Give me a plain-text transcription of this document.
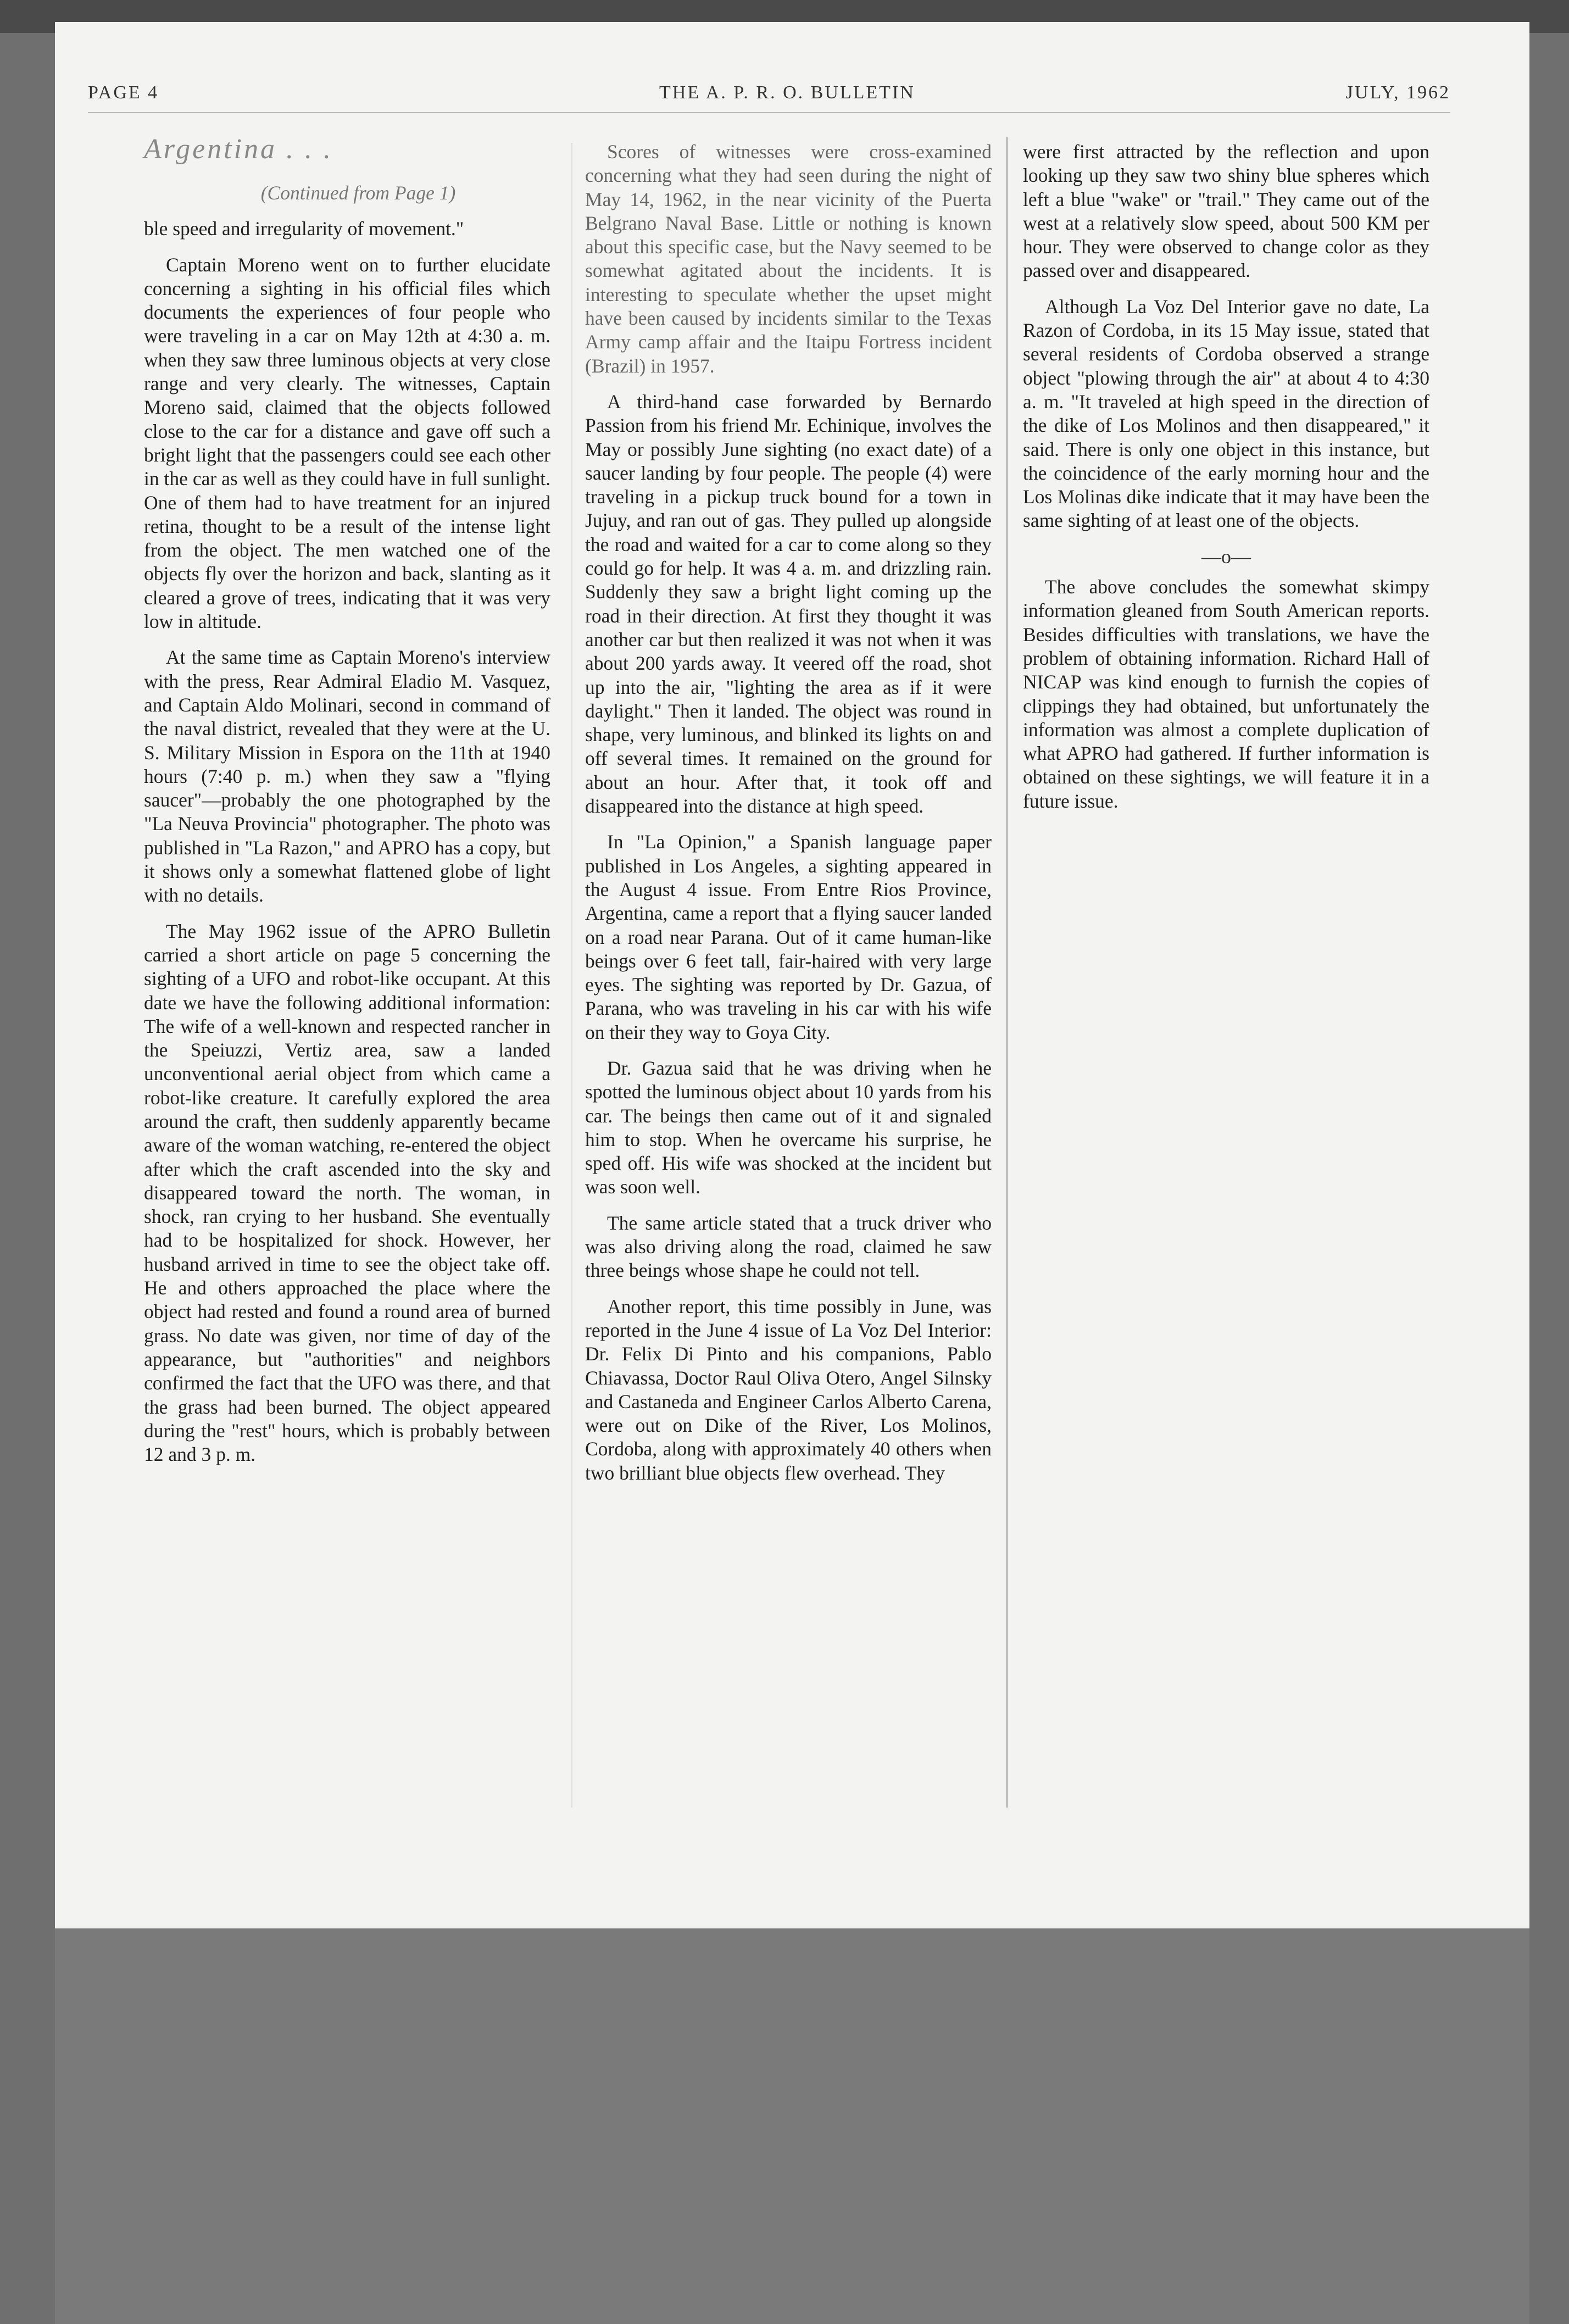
PAGE 4	THE A. P. R. O. BULLETIN	JULY, 1962
Argentina . . .

(Continued from Page 1)

ble speed and irregularity of movement."

Captain Moreno went on to further elucidate concerning a sighting in his official files which documents the experiences of four people who were traveling in a car on May 12th at 4:30 a. m. when they saw three luminous objects at very close range and very clearly. The witnesses, Captain Moreno said, claimed that the objects followed close to the car for a distance and gave off such a bright light that the passengers could see each other in the car as well as they could have in full sunlight. One of them had to have treatment for an injured retina, thought to be a result of the intense light from the object. The men watched one of the objects fly over the horizon and back, slanting as it cleared a grove of trees, indicating that it was very low in altitude.

At the same time as Captain Moreno's interview with the press, Rear Admiral Eladio M. Vasquez, and Captain Aldo Molinari, second in command of the naval district, revealed that they were at the U. S. Military Mission in Espora on the 11th at 1940 hours (7:40 p. m.) when they saw a "flying saucer"—probably the one photographed by the "La Neuva Provincia" photographer. The photo was published in "La Razon," and APRO has a copy, but it shows only a somewhat flattened globe of light with no details.

The May 1962 issue of the APRO Bulletin carried a short article on page 5 concerning the sighting of a UFO and robot-like occupant. At this date we have the following additional information: The wife of a well-known and respected rancher in the Speiuzzi, Vertiz area, saw a landed unconventional aerial object from which came a robot-like creature. It carefully explored the area around the craft, then suddenly apparently became aware of the woman watching, re-entered the object after which the craft ascended into the sky and disappeared toward the north. The woman, in shock, ran crying to her husband. She eventually had to be hospitalized for shock. However, her husband arrived in time to see the object take off. He and others approached the place where the object had rested and found a round area of burned grass. No date was given, nor time of day of the appearance, but "authorities" and neighbors confirmed the fact that the UFO was there, and that the grass had been burned. The object appeared during the "rest" hours, which is probably between 12 and 3 p. m.

Scores of witnesses were cross-examined concerning what they had seen during the night of May 14, 1962, in the near vicinity of the Puerta Belgrano Naval Base. Little or nothing is known about this specific case, but the Navy seemed to be somewhat agitated about the incidents. It is interesting to speculate whether the upset might have been caused by incidents similar to the Texas Army camp affair and the Itaipu Fortress incident (Brazil) in 1957.

A third-hand case forwarded by Bernardo Passion from his friend Mr. Echinique, involves the May or possibly June sighting (no exact date) of a saucer landing by four people. The people (4) were traveling in a pickup truck bound for a town in Jujuy, and ran out of gas. They pulled up alongside the road and waited for a car to come along so they could go for help. It was 4 a. m. and drizzling rain. Suddenly they saw a bright light coming up the road in their direction. At first they thought it was another car but then realized it was not when it was about 200 yards away. It veered off the road, shot up into the air, "lighting the area as if it were daylight." Then it landed. The object was round in shape, very luminous, and blinked its lights on and off several times. It remained on the ground for about an hour. After that, it took off and disappeared into the distance at high speed.

In "La Opinion," a Spanish language paper published in Los Angeles, a sighting appeared in the August 4 issue. From Entre Rios Province, Argentina, came a report that a flying saucer landed on a road near Parana. Out of it came human-like beings over 6 feet tall, fair-haired with very large eyes. The sighting was reported by Dr. Gazua, of Parana, who was traveling in his car with his wife on their they way to Goya City.

Dr. Gazua said that he was driving when he spotted the luminous object about 10 yards from his car. The beings then came out of it and signaled him to stop. When he overcame his surprise, he sped off. His wife was shocked at the incident but was soon well.

The same article stated that a truck driver who was also driving along the road, claimed he saw three beings whose shape he could not tell.

Another report, this time possibly in June, was reported in the June 4 issue of La Voz Del Interior: Dr. Felix Di Pinto and his companions, Pablo Chiavassa, Doctor Raul Oliva Otero, Angel Silnsky and Castaneda and Engineer Carlos Alberto Carena, were out on Dike of the River, Los Molinos, Cordoba, along with approximately 40 others when two brilliant blue objects flew overhead. They

were first attracted by the reflection and upon looking up they saw two shiny blue spheres which left a blue "wake" or "trail." They came out of the west at a relatively slow speed, about 500 KM per hour. They were observed to change color as they passed over and disappeared.

Although La Voz Del Interior gave no date, La Razon of Cordoba, in its 15 May issue, stated that several residents of Cordoba observed a strange object "plowing through the air" at about 4 to 4:30 a. m. "It traveled at high speed in the direction of the dike of Los Molinos and then disappeared," it said. There is only one object in this instance, but the coincidence of the early morning hour and the Los Molinas dike indicate that it may have been the same sighting of at least one of the objects.

—o—

The above concludes the somewhat skimpy information gleaned from South American reports. Besides difficulties with translations, we have the problem of obtaining information. Richard Hall of NICAP was kind enough to furnish the copies of clippings they had obtained, but unfortunately the information was almost a complete duplication of what APRO had gathered. If further information is obtained on these sightings, we will feature it in a future issue.
